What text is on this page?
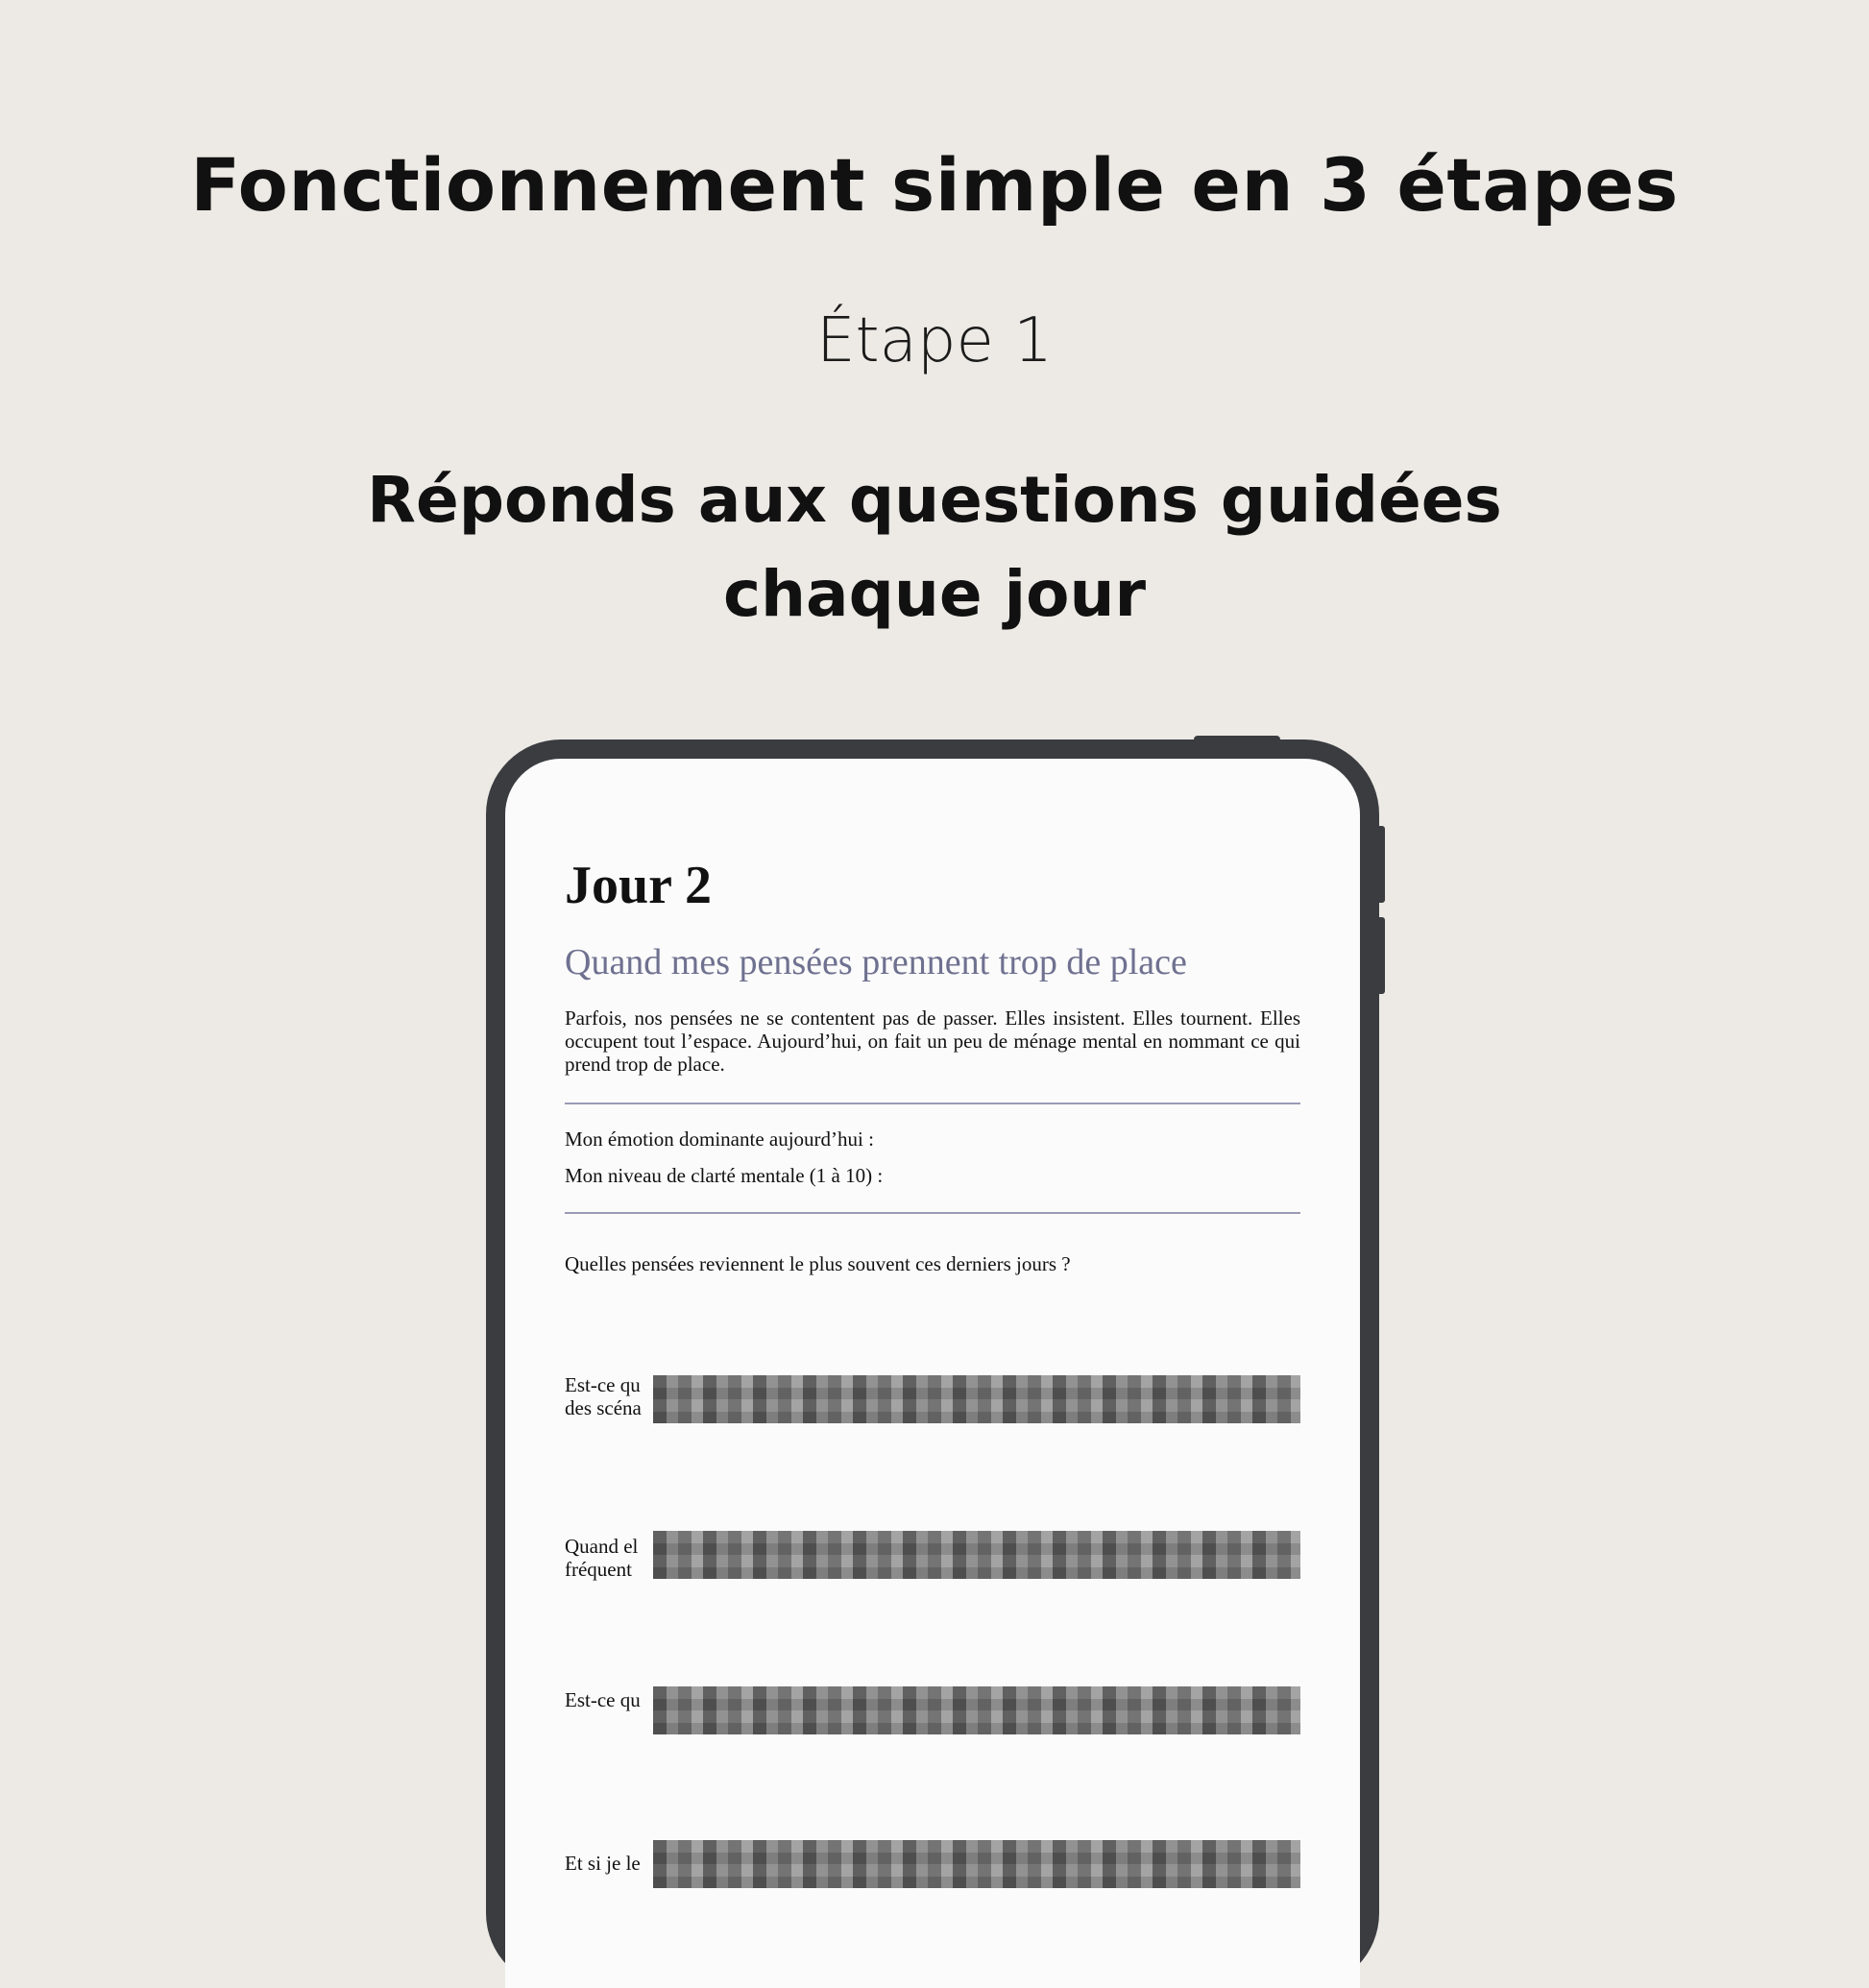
Fonctionnement simple en 3 étapes
Étape 1
Réponds aux questions guidées
chaque jour
Jour 2
Quand mes pensées prennent trop de place
Parfois, nos pensées ne se contentent pas de passer. Elles insistent. Elles tournent. Elles occupent tout l’espace. Aujourd’hui, on fait un peu de ménage mental en nommant ce qui prend trop de place.
Mon émotion dominante aujourd’hui :
Mon niveau de clarté mentale (1 à 10) :
Quelles pensées reviennent le plus souvent ces derniers jours ?
Est-ce qu
des scéna
Quand el
fréquent
Est-ce qu
Et si je le
